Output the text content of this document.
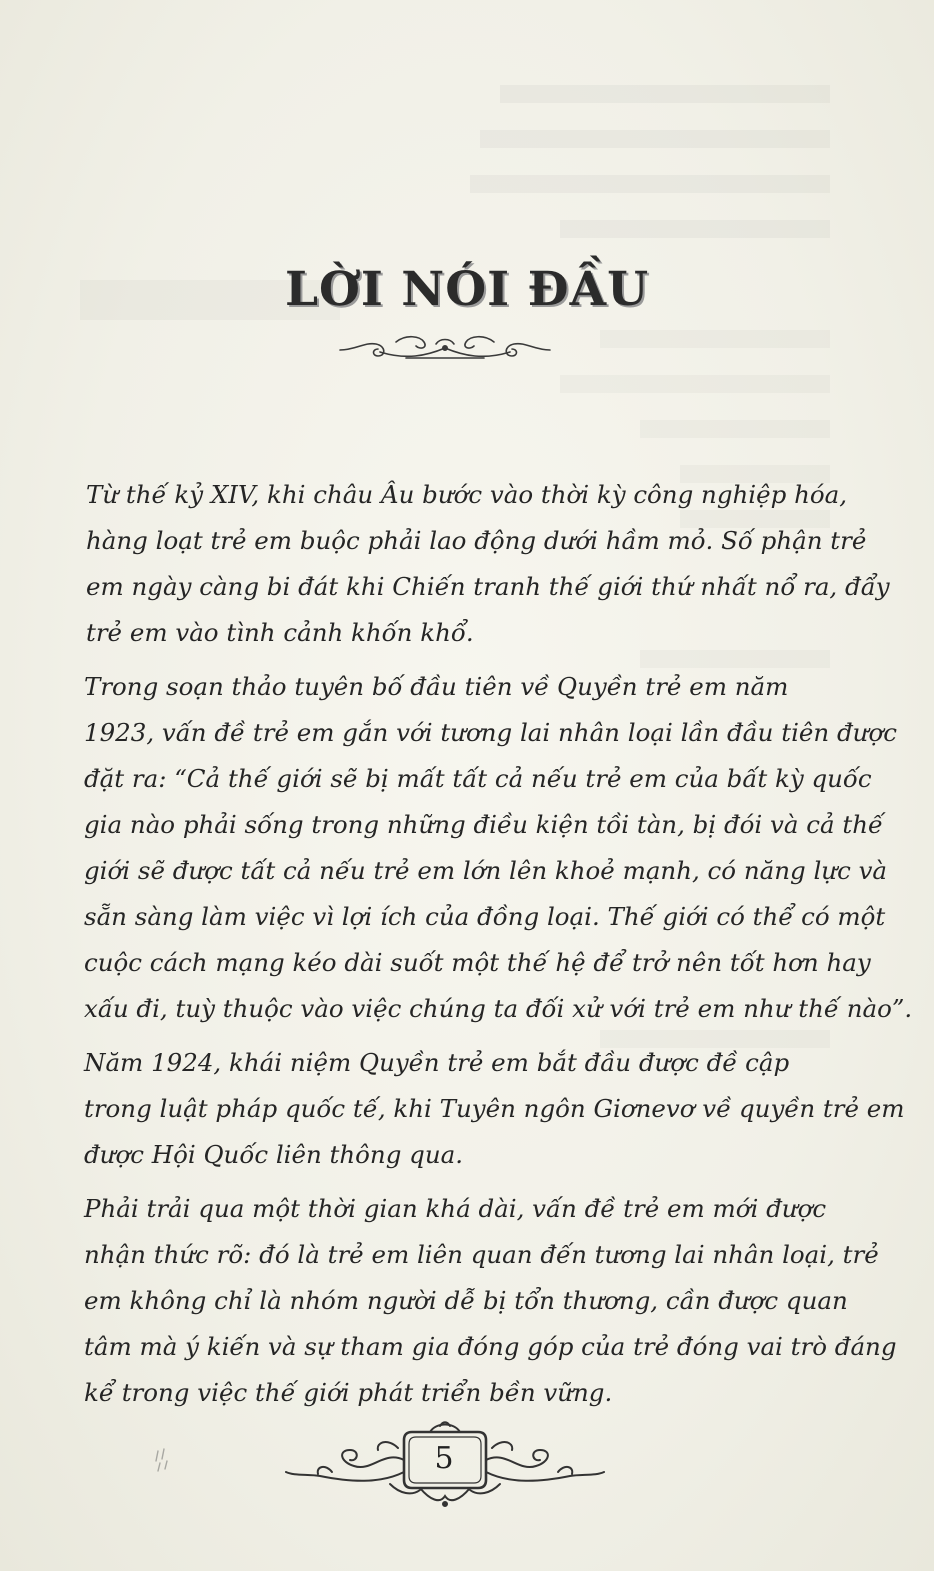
LỜI NÓI ĐẦU

Từ thế kỷ XIV, khi châu Âu bước vào thời kỳ công nghiệp hóa,
hàng loạt trẻ em buộc phải lao động dưới hầm mỏ. Số phận trẻ
em ngày càng bi đát khi Chiến tranh thế giới thứ nhất nổ ra, đẩy
trẻ em vào tình cảnh khốn khổ.

Trong soạn thảo tuyên bố đầu tiên về Quyền trẻ em năm
1923, vấn đề trẻ em gắn với tương lai nhân loại lần đầu tiên được
đặt ra: “Cả thế giới sẽ bị mất tất cả nếu trẻ em của bất kỳ quốc
gia nào phải sống trong những điều kiện tồi tàn, bị đói và cả thế
giới sẽ được tất cả nếu trẻ em lớn lên khoẻ mạnh, có năng lực và
sẵn sàng làm việc vì lợi ích của đồng loại. Thế giới có thể có một
cuộc cách mạng kéo dài suốt một thế hệ để trở nên tốt hơn hay
xấu đi, tuỳ thuộc vào việc chúng ta đối xử với trẻ em như thế nào”.

Năm 1924, khái niệm Quyền trẻ em bắt đầu được đề cập
trong luật pháp quốc tế, khi Tuyên ngôn Giơnevơ về quyền trẻ em
được Hội Quốc liên thông qua.

Phải trải qua một thời gian khá dài, vấn đề trẻ em mới được
nhận thức rõ: đó là trẻ em liên quan đến tương lai nhân loại, trẻ
em không chỉ là nhóm người dễ bị tổn thương, cần được quan
tâm mà ý kiến và sự tham gia đóng góp của trẻ đóng vai trò đáng
kể trong việc thế giới phát triển bền vững.

5
